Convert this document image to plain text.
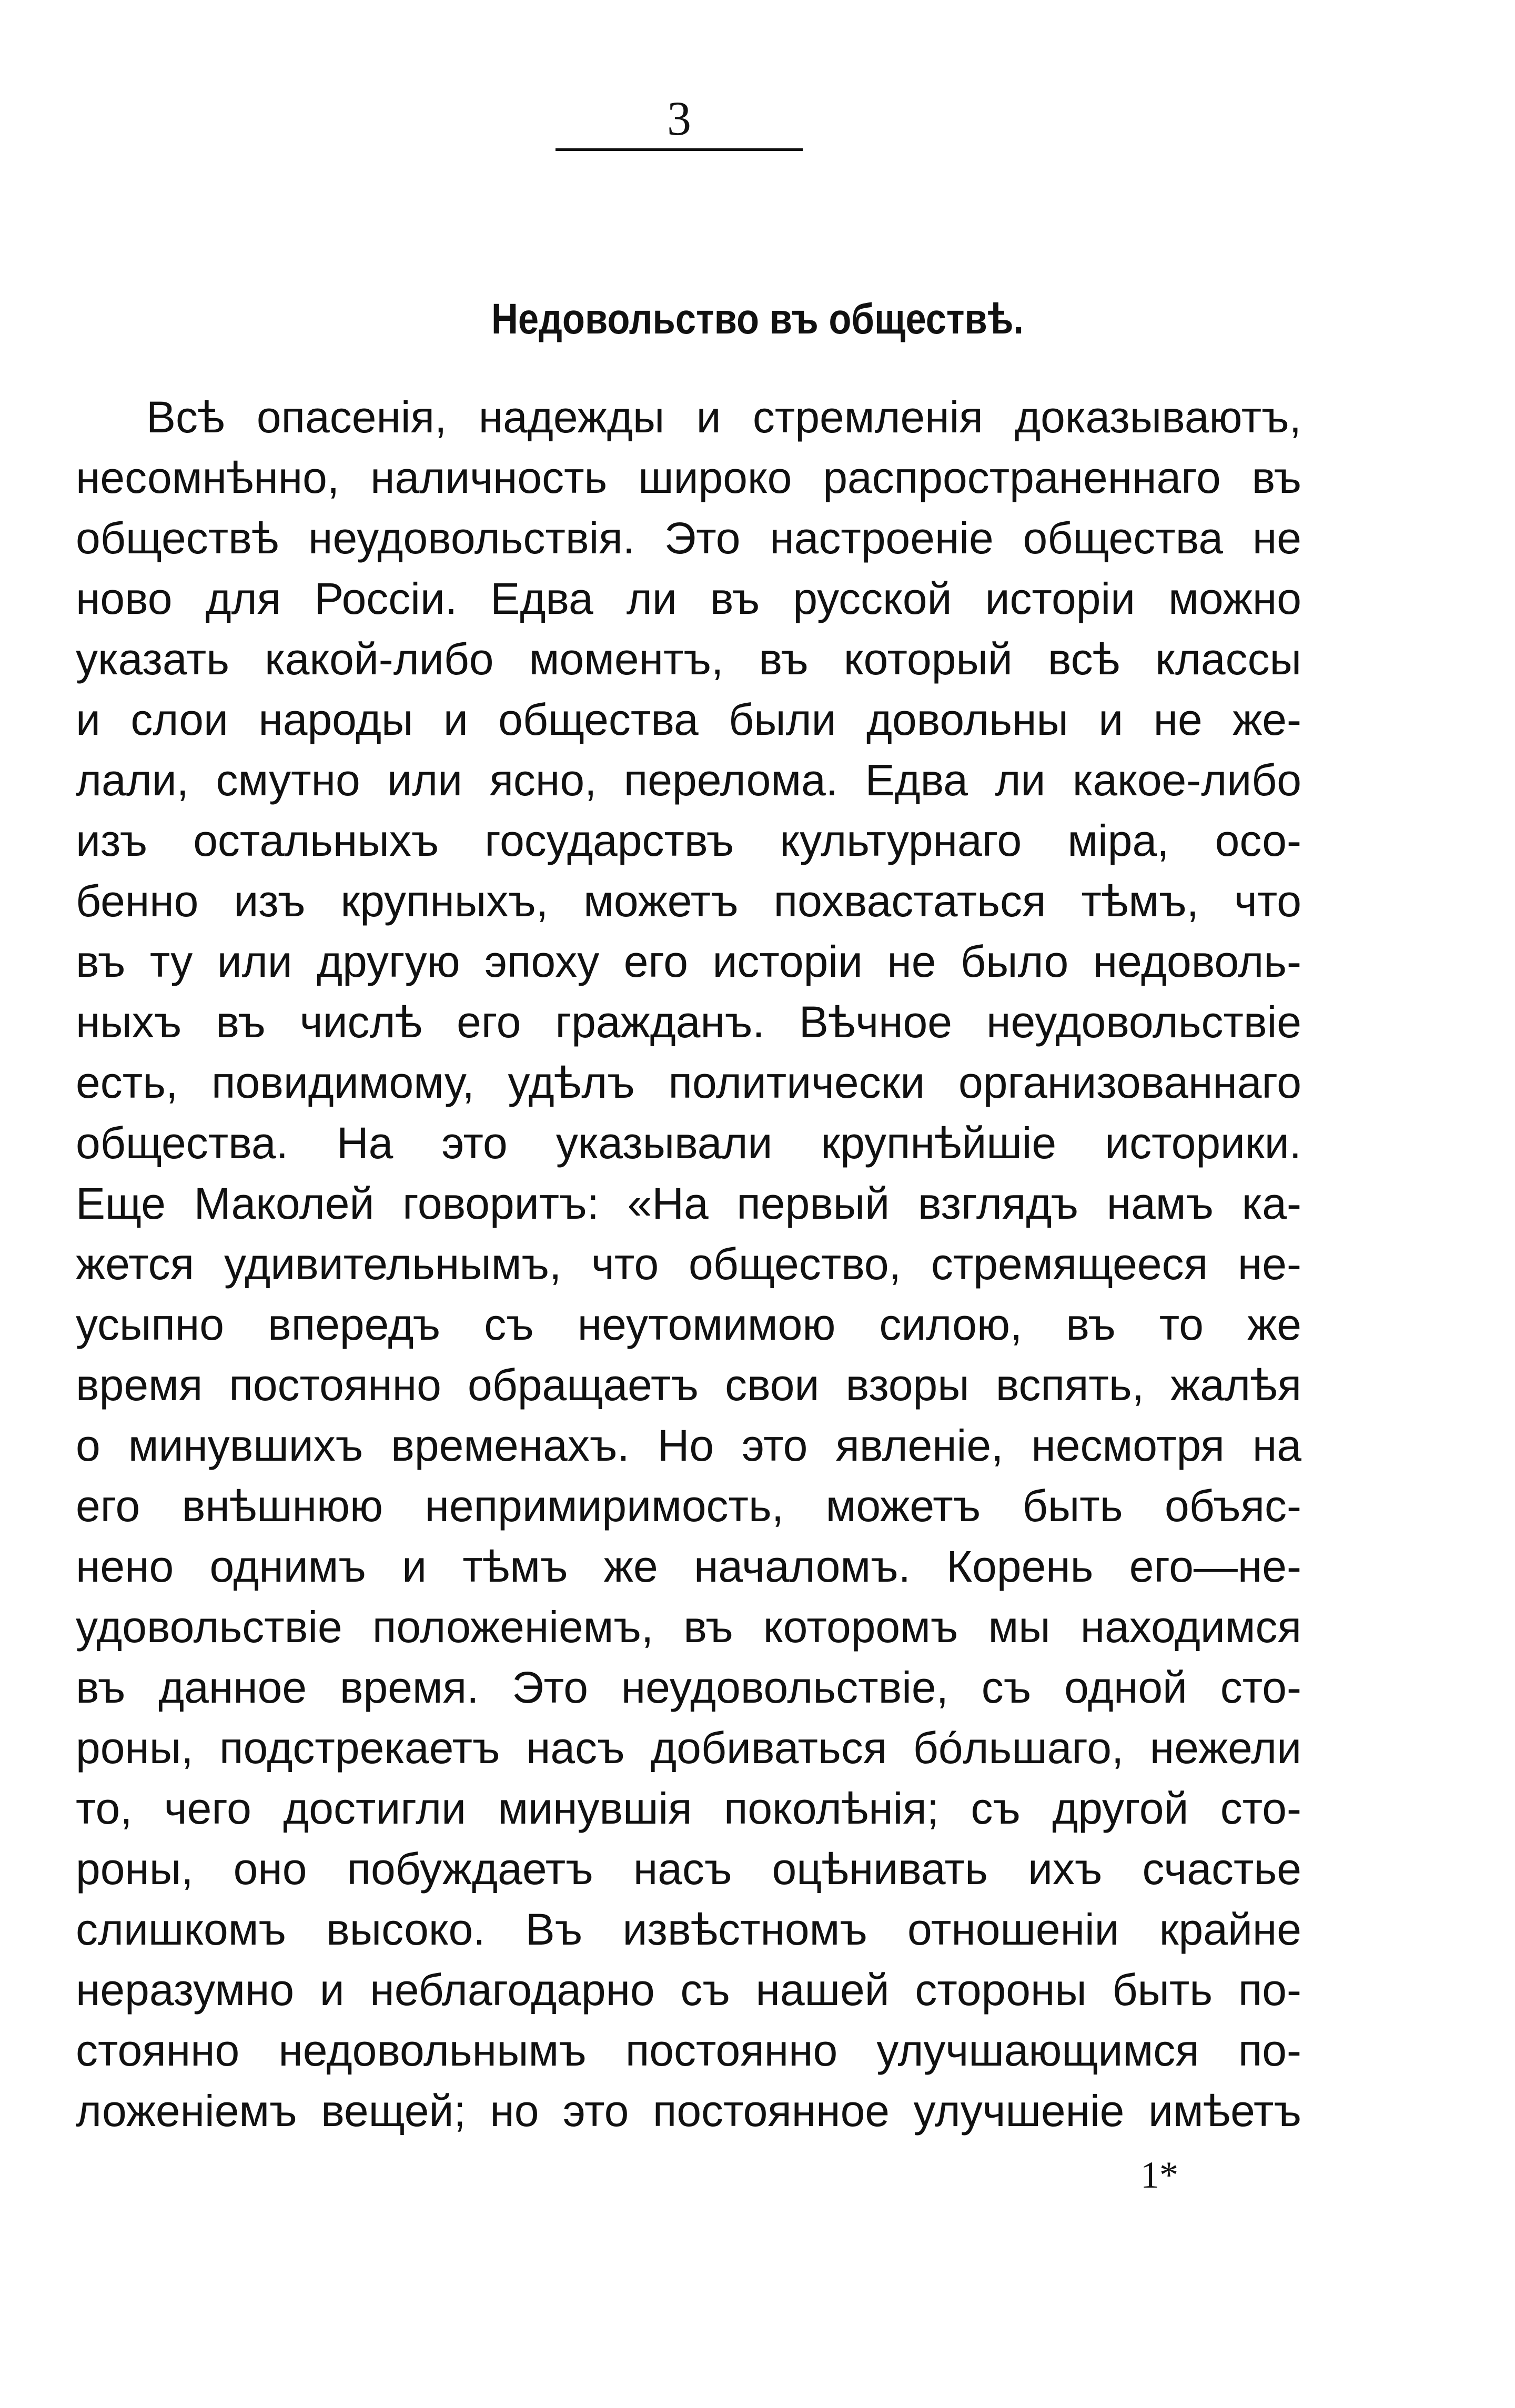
3
Недовольство въ обществѣ.
Всѣ опасенія, надежды и стремленія доказываютъ,
несомнѣнно, наличность широко распространеннаго въ
обществѣ неудовольствія. Это настроеніе общества не
ново для Россіи. Едва ли въ русской исторіи можно
указать какой-либо моментъ, въ который всѣ классы
и слои народы и общества были довольны и не же-
лали, смутно или ясно, перелома. Едва ли какое-либо
изъ остальныхъ государствъ культурнаго міра, осо-
бенно изъ крупныхъ, можетъ похвастаться тѣмъ, что
въ ту или другую эпоху его исторіи не было недоволь-
ныхъ въ числѣ его гражданъ. Вѣчное неудовольствіе
есть, повидимому, удѣлъ политически организованнаго
общества. На это указывали крупнѣйшіе историки.
Еще Маколей говоритъ: «На первый взглядъ намъ ка-
жется удивительнымъ, что общество, стремящееся не-
усыпно впередъ съ неутомимою силою, въ то же
время постоянно обращаетъ свои взоры вспять, жалѣя
о минувшихъ временахъ. Но это явленіе, несмотря на
его внѣшнюю непримиримость, можетъ быть объяс-
нено однимъ и тѣмъ же началомъ. Корень его—не-
удовольствіе положеніемъ, въ которомъ мы находимся
въ данное время. Это неудовольствіе, съ одной сто-
роны, подстрекаетъ насъ добиваться бо́льшаго, нежели
то, чего достигли минувшія поколѣнія; съ другой сто-
роны, оно побуждаетъ насъ оцѣнивать ихъ счастье
слишкомъ высоко. Въ извѣстномъ отношеніи крайне
неразумно и неблагодарно съ нашей стороны быть по-
стоянно недовольнымъ постоянно улучшающимся по-
ложеніемъ вещей; но это постоянное улучшеніе имѣетъ
1*
